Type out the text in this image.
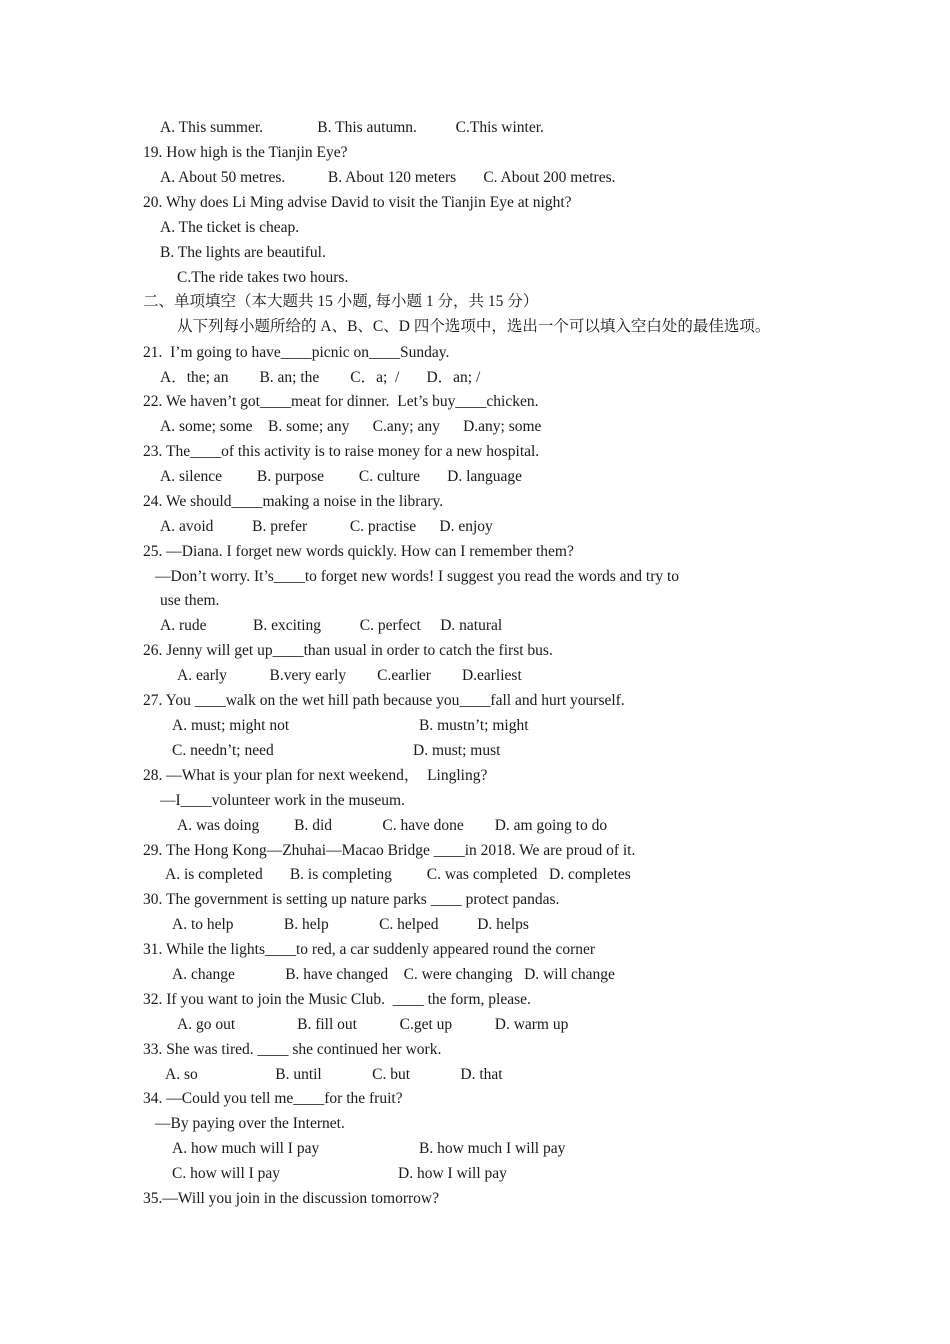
A. This summer.              B. This autumn.          C.This winter.
19. How high is the Tianjin Eye?
A. About 50 metres.           B. About 120 meters       C. About 200 metres.
20. Why does Li Ming advise David to visit the Tianjin Eye at night?
A. The ticket is cheap.
B. The lights are beautiful.
C.The ride takes two hours.
二、单项填空（本大题共 15 小题, 每小题 1 分，共 15 分）
从下列每小题所给的 A、B、C、D 四个选项中，选出一个可以填入空白处的最佳选项。
21.  I’m going to have____picnic on____Sunday.
A．the; an        B. an; the        C．a;  /       D．an; /
22. We haven’t got____meat for dinner.  Let’s buy____chicken.
A. some; some    B. some; any      C.any; any      D.any; some
23. The____of this activity is to raise money for a new hospital.
A. silence         B. purpose         C. culture       D. language
24. We should____making a noise in the library.
A. avoid          B. prefer           C. practise      D. enjoy
25. —Diana. I forget new words quickly. How can I remember them?
—Don’t worry. It’s____to forget new words! I suggest you read the words and try to
use them.
A. rude            B. exciting          C. perfect     D. natural
26. Jenny will get up____than usual in order to catch the first bus.
A. early           B.very early        C.earlier        D.earliest
27. You ____walk on the wet hill path because you____fall and hurt yourself.
A. must; might not	B. mustn’t; might
C. needn’t; need	D. must; must
28. —What is your plan for next weekend，  Lingling?
—I____volunteer work in the museum.
A. was doing         B. did             C. have done        D. am going to do
29. The Hong Kong—Zhuhai—Macao Bridge ____in 2018. We are proud of it.
A. is completed       B. is completing         C. was completed   D. completes
30. The government is setting up nature parks ____ protect pandas.
A. to help             B. help             C. helped          D. helps
31. While the lights____to red, a car suddenly appeared round the corner
A. change             B. have changed    C. were changing   D. will change
32. If you want to join the Music Club.  ____ the form, please.
A. go out                B. fill out           C.get up           D. warm up
33. She was tired. ____ she continued her work.
A. so                    B. until             C. but             D. that
34. —Could you tell me____for the fruit?
—By paying over the Internet.
A. how much will I pay	B. how much I will pay
C. how will I pay	D. how I will pay
35.—Will you join in the discussion tomorrow?
